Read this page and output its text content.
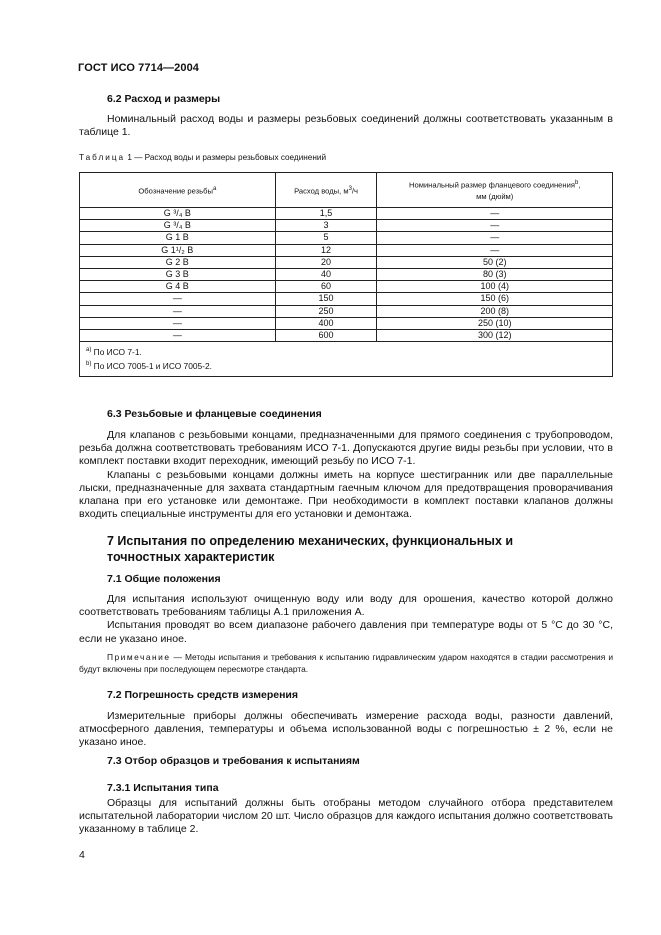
ГОСТ ИСО 7714—2004
6.2 Расход и размеры

Номинальный расход воды и размеры резьбовых соединений должны соответствовать указанным в таблице 1.

Таблица 1 — Расход воды и размеры резьбовых соединений
Обозначение резьбы$^a$	Расход воды, $м^3/ч$	Номинальный размер фланцевого соединения$^b$,
мм (дюйм)
G ³/₄ B	1,5	—
G ³/₄ B	3	—
G 1 B	5	—
G 1¹/₂ B	12	—
G 2 B	20	50 (2)
G 3 B	40	80 (3)
G 4 B	60	100 (4)
—	150	150 (6)
—	250	200 (8)
—	400	250 (10)
—	600	300 (12)

$^{a)}$ По ИСО 7-1.
$^{b)}$ По ИСО 7005-1 и ИСО 7005-2.		
6.3 Резьбовые и фланцевые соединения

Для клапанов с резьбовыми концами, предназначенными для прямого соединения с трубопроводом, резьба должна соответствовать требованиям ИСО 7-1. Допускаются другие виды резьбы при условии, что в комплект поставки входит переходник, имеющий резьбу по ИСО 7-1.

Клапаны с резьбовыми концами должны иметь на корпусе шестигранник или две параллельные лыски, предназначенные для захвата стандартным гаечным ключом для предотвращения проворачивания клапана при его установке или демонтаже. При необходимости в комплект поставки клапанов должны входить специальные инструменты для его установки и демонтажа.

7 Испытания по определению механических, функциональных и
точностных характеристик
7.1 Общие положения

Для испытания используют очищенную воду или воду для орошения, качество которой должно соответствовать требованиям таблицы А.1 приложения А.

Испытания проводят во всем диапазоне рабочего давления при температуре воды от 5 °С до 30 °С, если не указано иное.

Примечание — Методы испытания и требования к испытанию гидравлическим ударом находятся в стадии рассмотрения и будут включены при последующем пересмотре стандарта.
7.2 Погрешность средств измерения

Измерительные приборы должны обеспечивать измерение расхода воды, разности давлений, атмосферного давления, температуры и объема использованной воды с погрешностью ± 2 %, если не указано иное.

7.3 Отбор образцов и требования к испытаниям
7.3.1 Испытания типа

Образцы для испытаний должны быть отобраны методом случайного отбора представителем испытательной лаборатории числом 20 шт. Число образцов для каждого испытания должно соответствовать указанному в таблице 2.

4
